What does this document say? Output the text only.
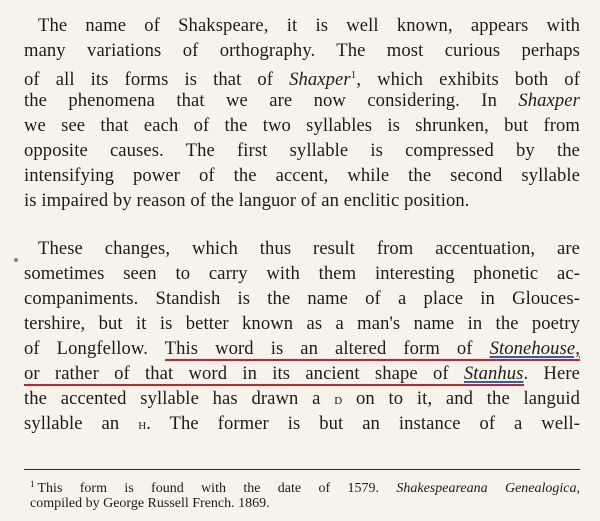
The name of Shakspeare, it is well known, appears with
many variations of orthography. The most curious perhaps
of all its forms is that of Shaxper$^1$, which exhibits both of
the phenomena that we are now considering. In Shaxper
we see that each of the two syllables is shrunken, but from
opposite causes. The first syllable is compressed by the
intensifying power of the accent, while the second syllable
is impaired by reason of the languor of an enclitic position.
These changes, which thus result from accentuation, are
sometimes seen to carry with them interesting phonetic ac-
companiments. Standish is the name of a place in Glouces-
tershire, but it is better known as a man's name in the poetry
of Longfellow. This word is an altered form of Stonehouse,
or rather of that word in its ancient shape of Stanhus. Here
the accented syllable has drawn a d on to it, and the languid
syllable an h. The former is but an instance of a well-
$^1$ This form is found with the date of 1579. Shakespeareana Genealogica,
compiled by George Russell French. 1869.
